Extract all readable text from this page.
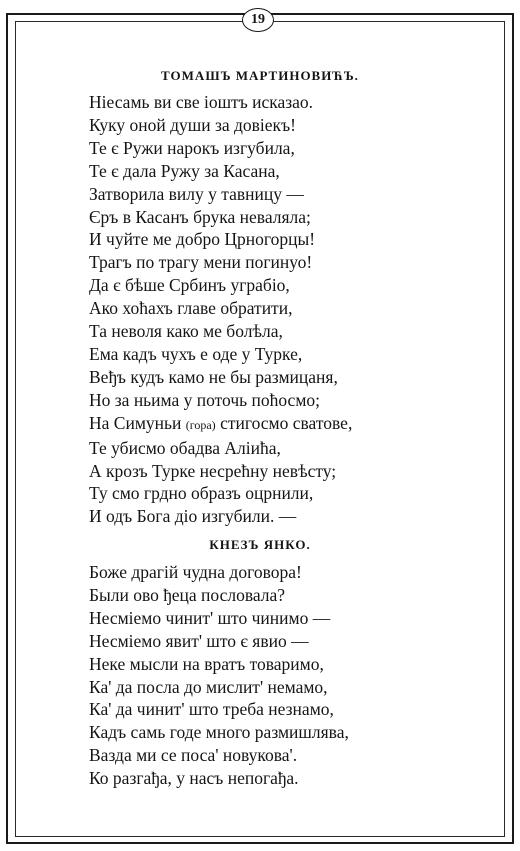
19
ТОМАШЪ МАРТИНОВИЋЪ.
Нiесамь ви све iоштъ исказао.
Куку оной души за довiекъ!
Те є Ружи нарокъ изгубила,
Те є дала Ружу за Касана,
Затворила вилу у тавницу —
Єръ в Касанъ брука неваляла;
И чуйте ме добро Црногорцы!
Трагъ по трагу мени погинуо!
Да є бѣше Србинъ уграбiо,
Ако хоћахъ главе обратити,
Та неволя како ме болѣла,
Ема кадъ чухъ е оде у Турке,
Веђъ кудъ камо не бы размицаня,
Но за ньима у поточь поћосмо;
На Симуньи (гора) стигосмо сватове,
Те убисмо обадва Алiића,
А крозъ Турке несрећну невѣсту;
Ту смо грдно образъ оцрнили,
И одъ Бога дiо изгубили. —
КНЕЗЪ ЯНКО.
Боже драгiй чудна договора!
Были ово ђеца пословала?
Несмiемо чинит' што чинимо —
Несмiемо явит' што є явио —
Неке мысли на вратъ товаримо,
Ка' да посла до мислит' немамо,
Ка' да чинит' што треба незнамо,
Кадъ самь годе много размишлява,
Вазда ми се поса' новукова'.
Ко разгађа, у насъ непогађа.
